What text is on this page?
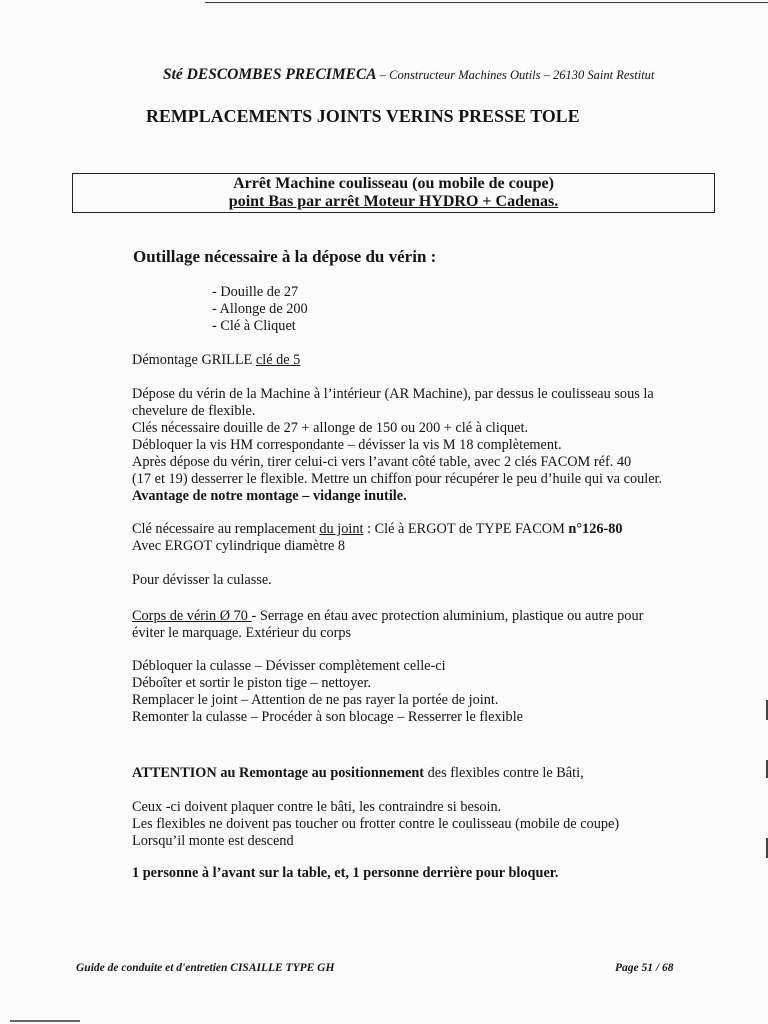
Sté DESCOMBES PRECIMECA – Constructeur Machines Outils – 26130 Saint Restitut
REMPLACEMENTS JOINTS VERINS PRESSE TOLE
Arrêt Machine coulisseau (ou mobile de coupe)
point Bas par arrêt Moteur HYDRO + Cadenas.
Outillage nécessaire à la dépose du vérin :
- Douille de 27
- Allonge de 200
- Clé à Cliquet
Démontage GRILLE clé de 5
Dépose du vérin de la Machine à l’intérieur (AR Machine), par dessus le coulisseau sous la
chevelure de flexible.
Clés nécessaire douille de 27 + allonge de 150 ou 200 + clé à cliquet.
Débloquer la vis HM correspondante – dévisser la vis M 18 complètement.
Après dépose du vérin, tirer celui-ci vers l’avant côté table, avec 2 clés FACOM réf. 40
(17 et 19) desserrer le flexible. Mettre un chiffon pour récupérer le peu d’huile qui va couler.
Avantage de notre montage – vidange inutile.
Clé nécessaire au remplacement du joint : Clé à ERGOT de TYPE FACOM n°126-80
Avec ERGOT cylindrique diamètre 8
Pour dévisser la culasse.
Corps de vérin Ø 70 - Serrage en étau avec protection aluminium, plastique ou autre pour
éviter le marquage. Extérieur du corps
Débloquer la culasse – Dévisser complètement celle-ci
Déboîter et sortir le piston tige – nettoyer.
Remplacer le joint – Attention de ne pas rayer la portée de joint.
Remonter la culasse – Procéder à son blocage – Resserrer le flexible
ATTENTION au Remontage au positionnement des flexibles contre le Bâti,
Ceux -ci doivent plaquer contre le bâti, les contraindre si besoin.
Les flexibles ne doivent pas toucher ou frotter contre le coulisseau (mobile de coupe)
Lorsqu’il monte est descend
1 personne à l’avant sur la table, et, 1 personne derrière pour bloquer.
Guide de conduite et d'entretien CISAILLE TYPE GH	Page 51 / 68
